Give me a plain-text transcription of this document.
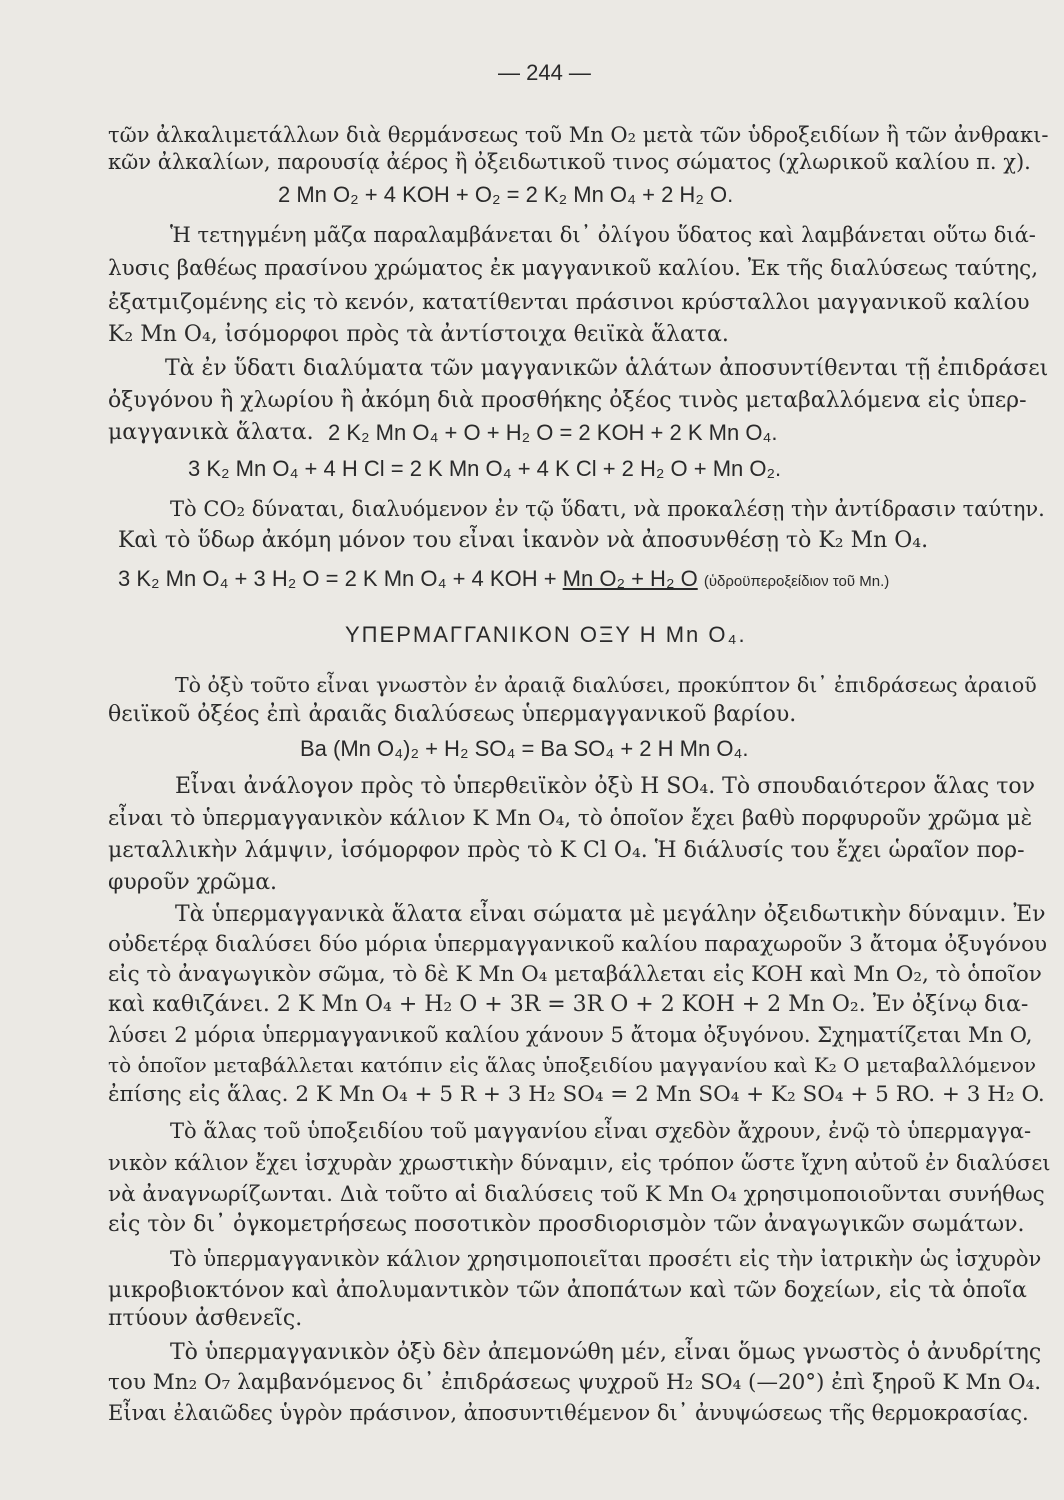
— 244 —
τῶν ἀλκαλιμετάλλων διὰ θερμάνσεως τοῦ Mn O₂ μετὰ τῶν ὑδροξειδίων ἢ τῶν ἀνθρακι-
κῶν ἀλκαλίων, παρουσίᾳ ἀέρος ἢ ὀξειδωτικοῦ τινος σώματος (χλωρικοῦ καλίου π. χ).
2 Mn O₂ + 4 KOH + O₂ = 2 K₂ Mn O₄ + 2 H₂ O.
Ἡ τετηγμένη μᾶζα παραλαμβάνεται δι᾽ ὀλίγου ὕδατος καὶ λαμβάνεται οὕτω διά-
λυσις βαθέως πρασίνου χρώματος ἐκ μαγγανικοῦ καλίου. Ἐκ τῆς διαλύσεως ταύτης,
ἐξατμιζομένης εἰς τὸ κενόν, κατατίθενται πράσινοι κρύσταλλοι μαγγανικοῦ καλίου
K₂ Mn O₄, ἰσόμορφοι πρὸς τὰ ἀντίστοιχα θειϊκὰ ἅλατα.
Τὰ ἐν ὕδατι διαλύματα τῶν μαγγανικῶν ἁλάτων ἀποσυντίθενται τῇ ἐπιδράσει
ὀξυγόνου ἢ χλωρίου ἢ ἀκόμη διὰ προσθήκης ὀξέος τινὸς μεταβαλλόμενα εἰς ὑπερ-
μαγγανικὰ ἅλατα. 2 K₂ Mn O₄ + O + H₂ O = 2 KOH + 2 K Mn O₄.
3 K₂ Mn O₄ + 4 H Cl = 2 K Mn O₄ + 4 K Cl + 2 H₂ O + Mn O₂.
Τὸ CO₂ δύναται, διαλυόμενον ἐν τῷ ὕδατι, νὰ προκαλέσῃ τὴν ἀντίδρασιν ταύτην.
Καὶ τὸ ὕδωρ ἀκόμη μόνον του εἶναι ἱκανὸν νὰ ἀποσυνθέσῃ τὸ K₂ Mn O₄.
3 K₂ Mn O₄ + 3 H₂ O = 2 K Mn O₄ + 4 KOH + Mn O₂ + H₂ O (ὑδροϋπεροξείδιον τοῦ Mn.)
ΥΠΕΡΜΑΓΓΑΝΙΚΟΝ ΟΞΥ H Mn O₄.
Τὸ ὀξὺ τοῦτο εἶναι γνωστὸν ἐν ἀραιᾷ διαλύσει, προκύπτον δι᾽ ἐπιδράσεως ἀραιοῦ
θειϊκοῦ ὀξέος ἐπὶ ἀραιᾶς διαλύσεως ὑπερμαγγανικοῦ βαρίου.
Ba (Mn O₄)₂ + H₂ SO₄ = Ba SO₄ + 2 H Mn O₄.
Εἶναι ἀνάλογον πρὸς τὸ ὑπερθειϊκὸν ὀξὺ H SO₄. Τὸ σπουδαιότερον ἅλας τον
εἶναι τὸ ὑπερμαγγανικὸν κάλιον K Mn O₄, τὸ ὁποῖον ἔχει βαθὺ πορφυροῦν χρῶμα μὲ
μεταλλικὴν λάμψιν, ἰσόμορφον πρὸς τὸ K Cl O₄. Ἡ διάλυσίς του ἔχει ὡραῖον πορ-
φυροῦν χρῶμα.
Τὰ ὑπερμαγγανικὰ ἅλατα εἶναι σώματα μὲ μεγάλην ὀξειδωτικὴν δύναμιν. Ἐν
οὐδετέρᾳ διαλύσει δύο μόρια ὑπερμαγγανικοῦ καλίου παραχωροῦν 3 ἄτομα ὀξυγόνου
εἰς τὸ ἀναγωγικὸν σῶμα, τὸ δὲ K Mn O₄ μεταβάλλεται εἰς KOH καὶ Mn O₂, τὸ ὁποῖον
καὶ καθιζάνει. 2 K Mn O₄ + H₂ O + 3R = 3R O + 2 KOH + 2 Mn O₂. Ἐν ὀξίνῳ δια-
λύσει 2 μόρια ὑπερμαγγανικοῦ καλίου χάνουν 5 ἄτομα ὀξυγόνου. Σχηματίζεται Mn O,
τὸ ὁποῖον μεταβάλλεται κατόπιν εἰς ἅλας ὑποξειδίου μαγγανίου καὶ K₂ O μεταβαλλόμενον
ἐπίσης εἰς ἅλας. 2 K Mn O₄ + 5 R + 3 H₂ SO₄ = 2 Mn SO₄ + K₂ SO₄ + 5 RO. + 3 H₂ O.
Τὸ ἅλας τοῦ ὑποξειδίου τοῦ μαγγανίου εἶναι σχεδὸν ἄχρουν, ἐνῷ τὸ ὑπερμαγγα-
νικὸν κάλιον ἔχει ἰσχυρὰν χρωστικὴν δύναμιν, εἰς τρόπον ὥστε ἴχνη αὐτοῦ ἐν διαλύσει
νὰ ἀναγνωρίζωνται. Διὰ τοῦτο αἱ διαλύσεις τοῦ K Mn O₄ χρησιμοποιοῦνται συνήθως
εἰς τὸν δι᾽ ὀγκομετρήσεως ποσοτικὸν προσδιορισμὸν τῶν ἀναγωγικῶν σωμάτων.
Τὸ ὑπερμαγγανικὸν κάλιον χρησιμοποιεῖται προσέτι εἰς τὴν ἰατρικὴν ὡς ἰσχυρὸν
μικροβιοκτόνον καὶ ἀπολυμαντικὸν τῶν ἀποπάτων καὶ τῶν δοχείων, εἰς τὰ ὁποῖα
πτύουν ἀσθενεῖς.
Τὸ ὑπερμαγγανικὸν ὀξὺ δὲν ἀπεμονώθη μέν, εἶναι ὅμως γνωστὸς ὁ ἀνυδρίτης
του Mn₂ O₇ λαμβανόμενος δι᾽ ἐπιδράσεως ψυχροῦ H₂ SO₄ (—20°) ἐπὶ ξηροῦ K Mn O₄.
Εἶναι ἐλαιῶδες ὑγρὸν πράσινον, ἀποσυντιθέμενον δι᾽ ἀνυψώσεως τῆς θερμοκρασίας.
